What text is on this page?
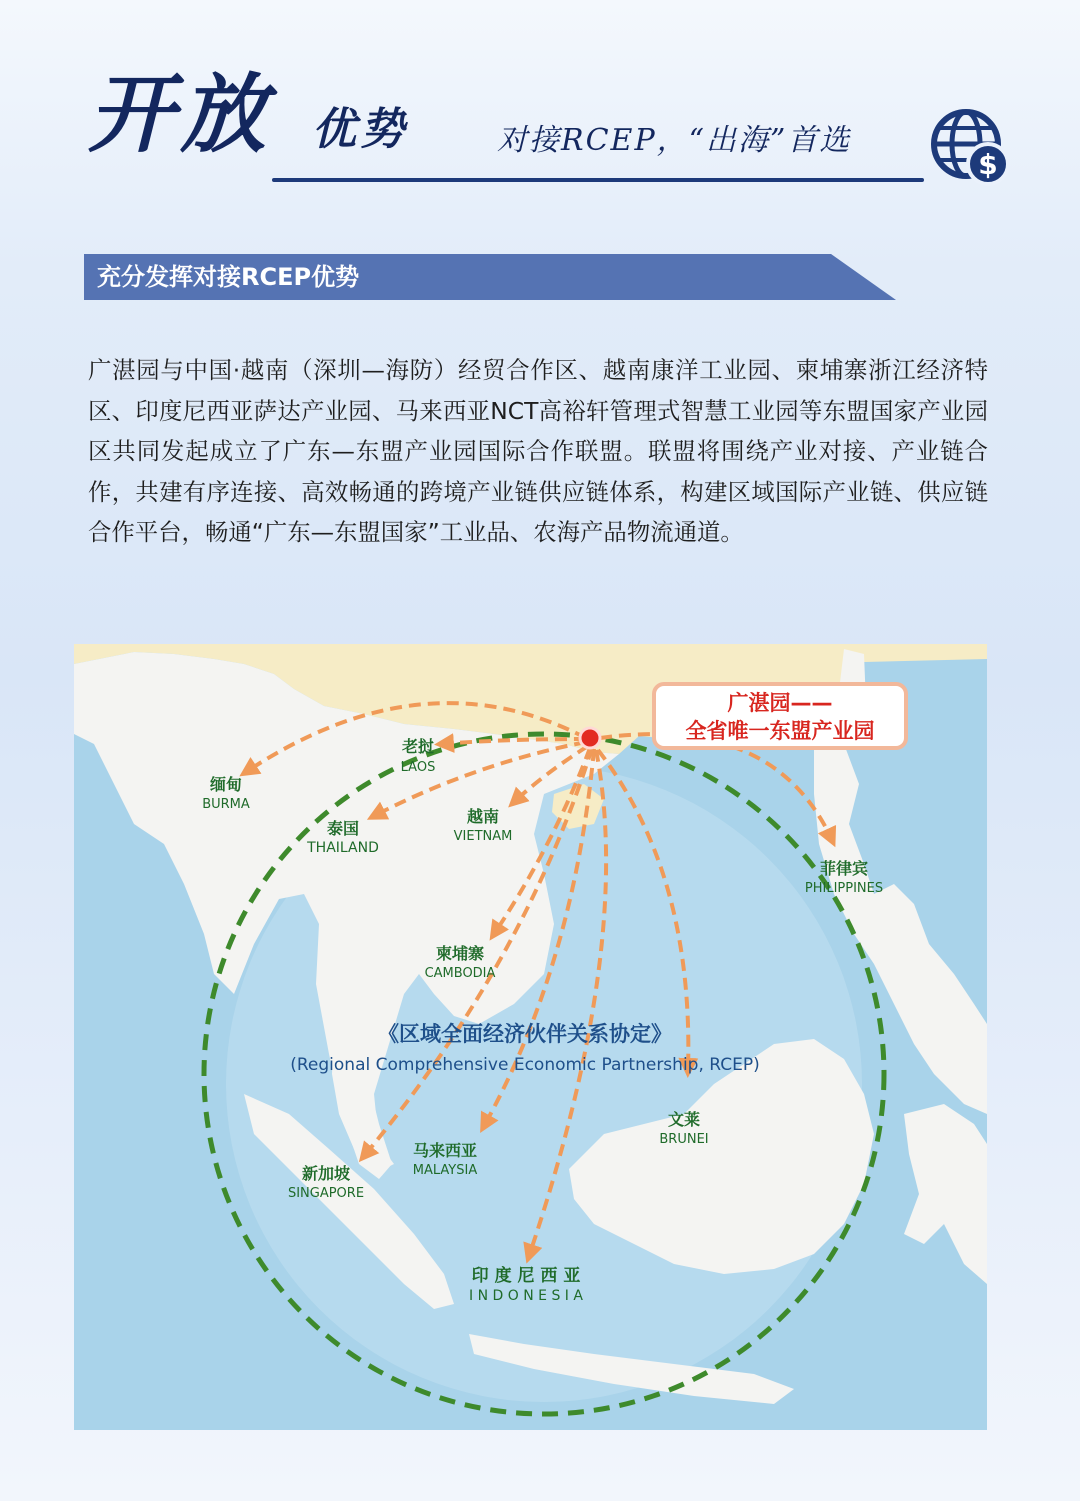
开放 优势	对接RCEP，“出海”首选
$
充分发挥对接RCEP优势
广湛园与中国·越南（深圳—海防）经贸合作区、越南康洋工业园、柬埔寨浙江经济特区、印度尼西亚萨达产业园、马来西亚NCT高裕轩管理式智慧工业园等东盟国家产业园区共同发起成立了广东—东盟产业园国际合作联盟。联盟将围绕产业对接、产业链合作，共建有序连接、高效畅通的跨境产业链供应链体系，构建区域国际产业链、供应链合作平台，畅通“广东—东盟国家”工业品、农海产品物流通道。
广湛园——
全省唯一东盟产业园
《区域全面经济伙伴关系协定》
(Regional Comprehensive Economic Partnership, RCEP)
缅甸
BURMA
老挝
LAOS
泰国
THAILAND
越南
VIETNAM
菲律宾
PHILIPPINES
柬埔寨
CAMBODIA
文莱
BRUNEI
新加坡
SINGAPORE
马来西亚
MALAYSIA
印 度 尼 西 亚
I N D O N E S I A
